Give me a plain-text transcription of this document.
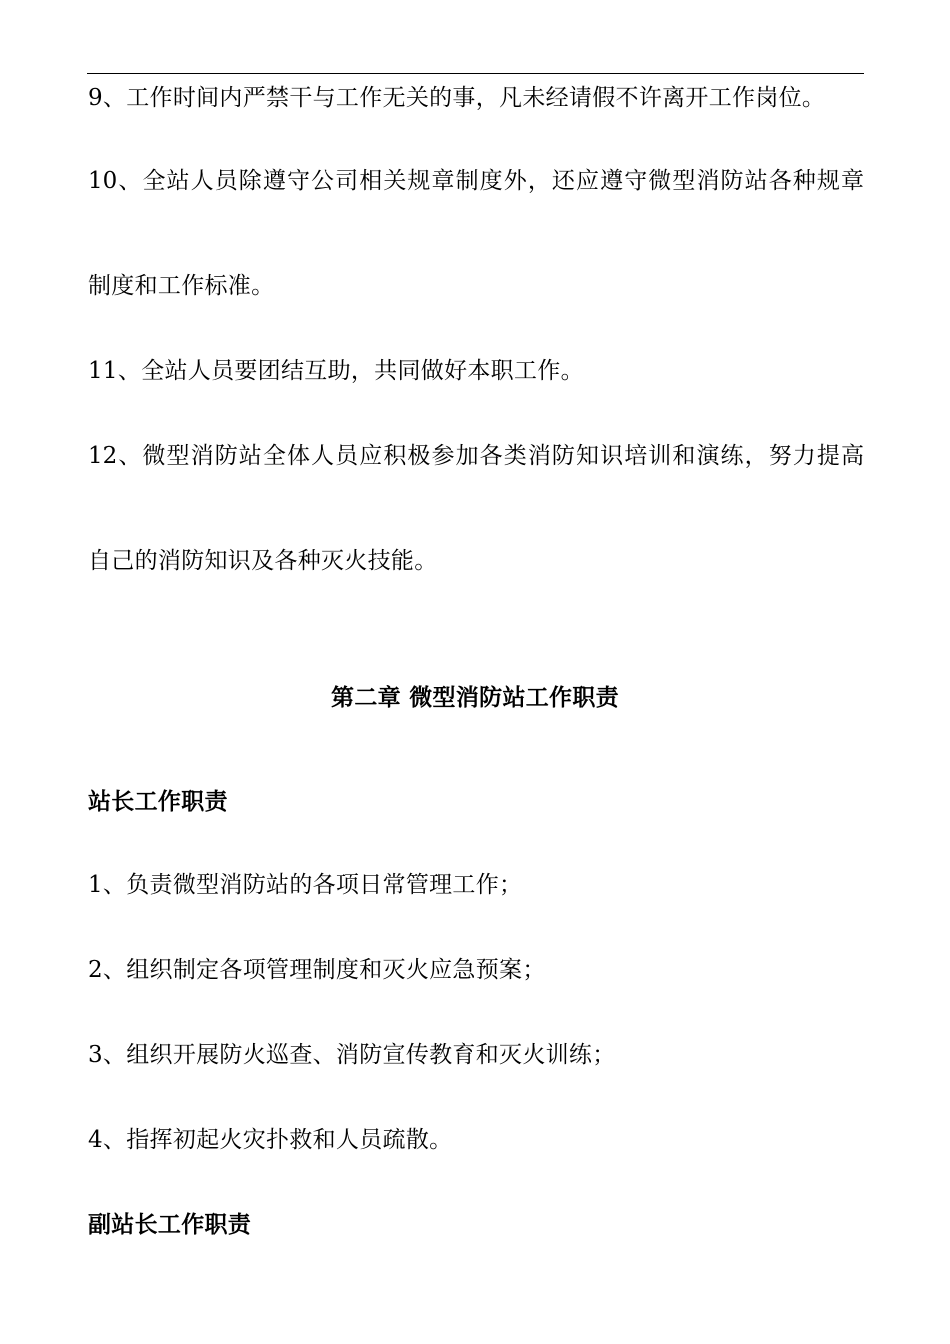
9、工作时间内严禁干与工作无关的事，凡未经请假不许离开工作岗位。
10、全站人员除遵守公司相关规章制度外，还应遵守微型消防站各种规章
制度和工作标准。
11、全站人员要团结互助，共同做好本职工作。
12、微型消防站全体人员应积极参加各类消防知识培训和演练，努力提高
自己的消防知识及各种灭火技能。
第二章 微型消防站工作职责
站长工作职责
1、负责微型消防站的各项日常管理工作；
2、组织制定各项管理制度和灭火应急预案；
3、组织开展防火巡查、消防宣传教育和灭火训练；
4、指挥初起火灾扑救和人员疏散。
副站长工作职责
